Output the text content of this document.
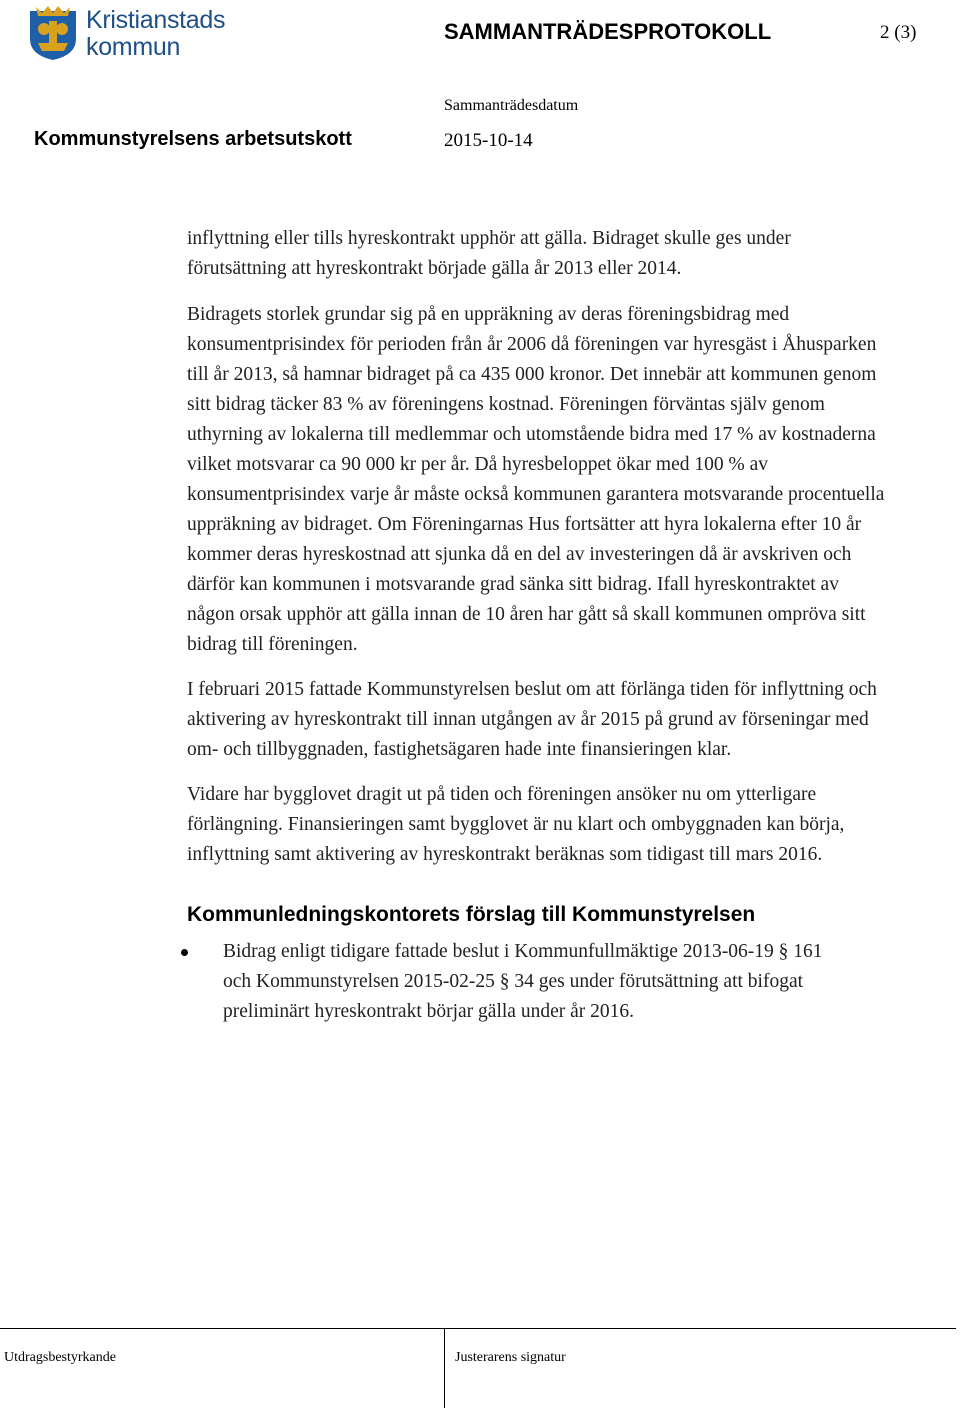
Kristianstads
kommun
SAMMANTRÄDESPROTOKOLL	2 (3)
Sammanträdesdatum
Kommunstyrelsens arbetsutskott	2015-10-14

inflyttning eller tills hyreskontrakt upphör att gälla. Bidraget skulle ges under förutsättning att hyreskontrakt började gälla år 2013 eller 2014.

Bidragets storlek grundar sig på en uppräkning av deras föreningsbidrag med konsumentprisindex för perioden från år 2006 då föreningen var hyresgäst i Åhusparken till år 2013, så hamnar bidraget på ca 435 000 kronor. Det innebär att kommunen genom sitt bidrag täcker 83 % av föreningens kostnad. Föreningen förväntas själv genom uthyrning av lokalerna till medlemmar och utomstående bidra med 17 % av kostnaderna vilket motsvarar ca 90 000 kr per år. Då hyresbeloppet ökar med 100 % av konsumentprisindex varje år måste också kommunen garantera motsvarande procentuella uppräkning av bidraget. Om Föreningarnas Hus fortsätter att hyra lokalerna efter 10 år kommer deras hyreskostnad att sjunka då en del av investeringen då är avskriven och därför kan kommunen i motsvarande grad sänka sitt bidrag. Ifall hyreskontraktet av någon orsak upphör att gälla innan de 10 åren har gått så skall kommunen ompröva sitt bidrag till föreningen.

I februari 2015 fattade Kommunstyrelsen beslut om att förlänga tiden för inflyttning och aktivering av hyreskontrakt till innan utgången av år 2015 på grund av förseningar med om- och tillbyggnaden, fastighetsägaren hade inte finansieringen klar.

Vidare har bygglovet dragit ut på tiden och föreningen ansöker nu om ytterligare förlängning. Finansieringen samt bygglovet är nu klart och ombyggnaden kan börja, inflyttning samt aktivering av hyreskontrakt beräknas som tidigast till mars 2016.

Kommunledningskontorets förslag till Kommunstyrelsen
Bidrag enligt tidigare fattade beslut i Kommunfullmäktige 2013-06-19 § 161 och Kommunstyrelsen 2015-02-25 § 34 ges under förutsättning att bifogat preliminärt hyreskontrakt börjar gälla under år 2016.
Utdragsbestyrkande	Justerarens signatur
